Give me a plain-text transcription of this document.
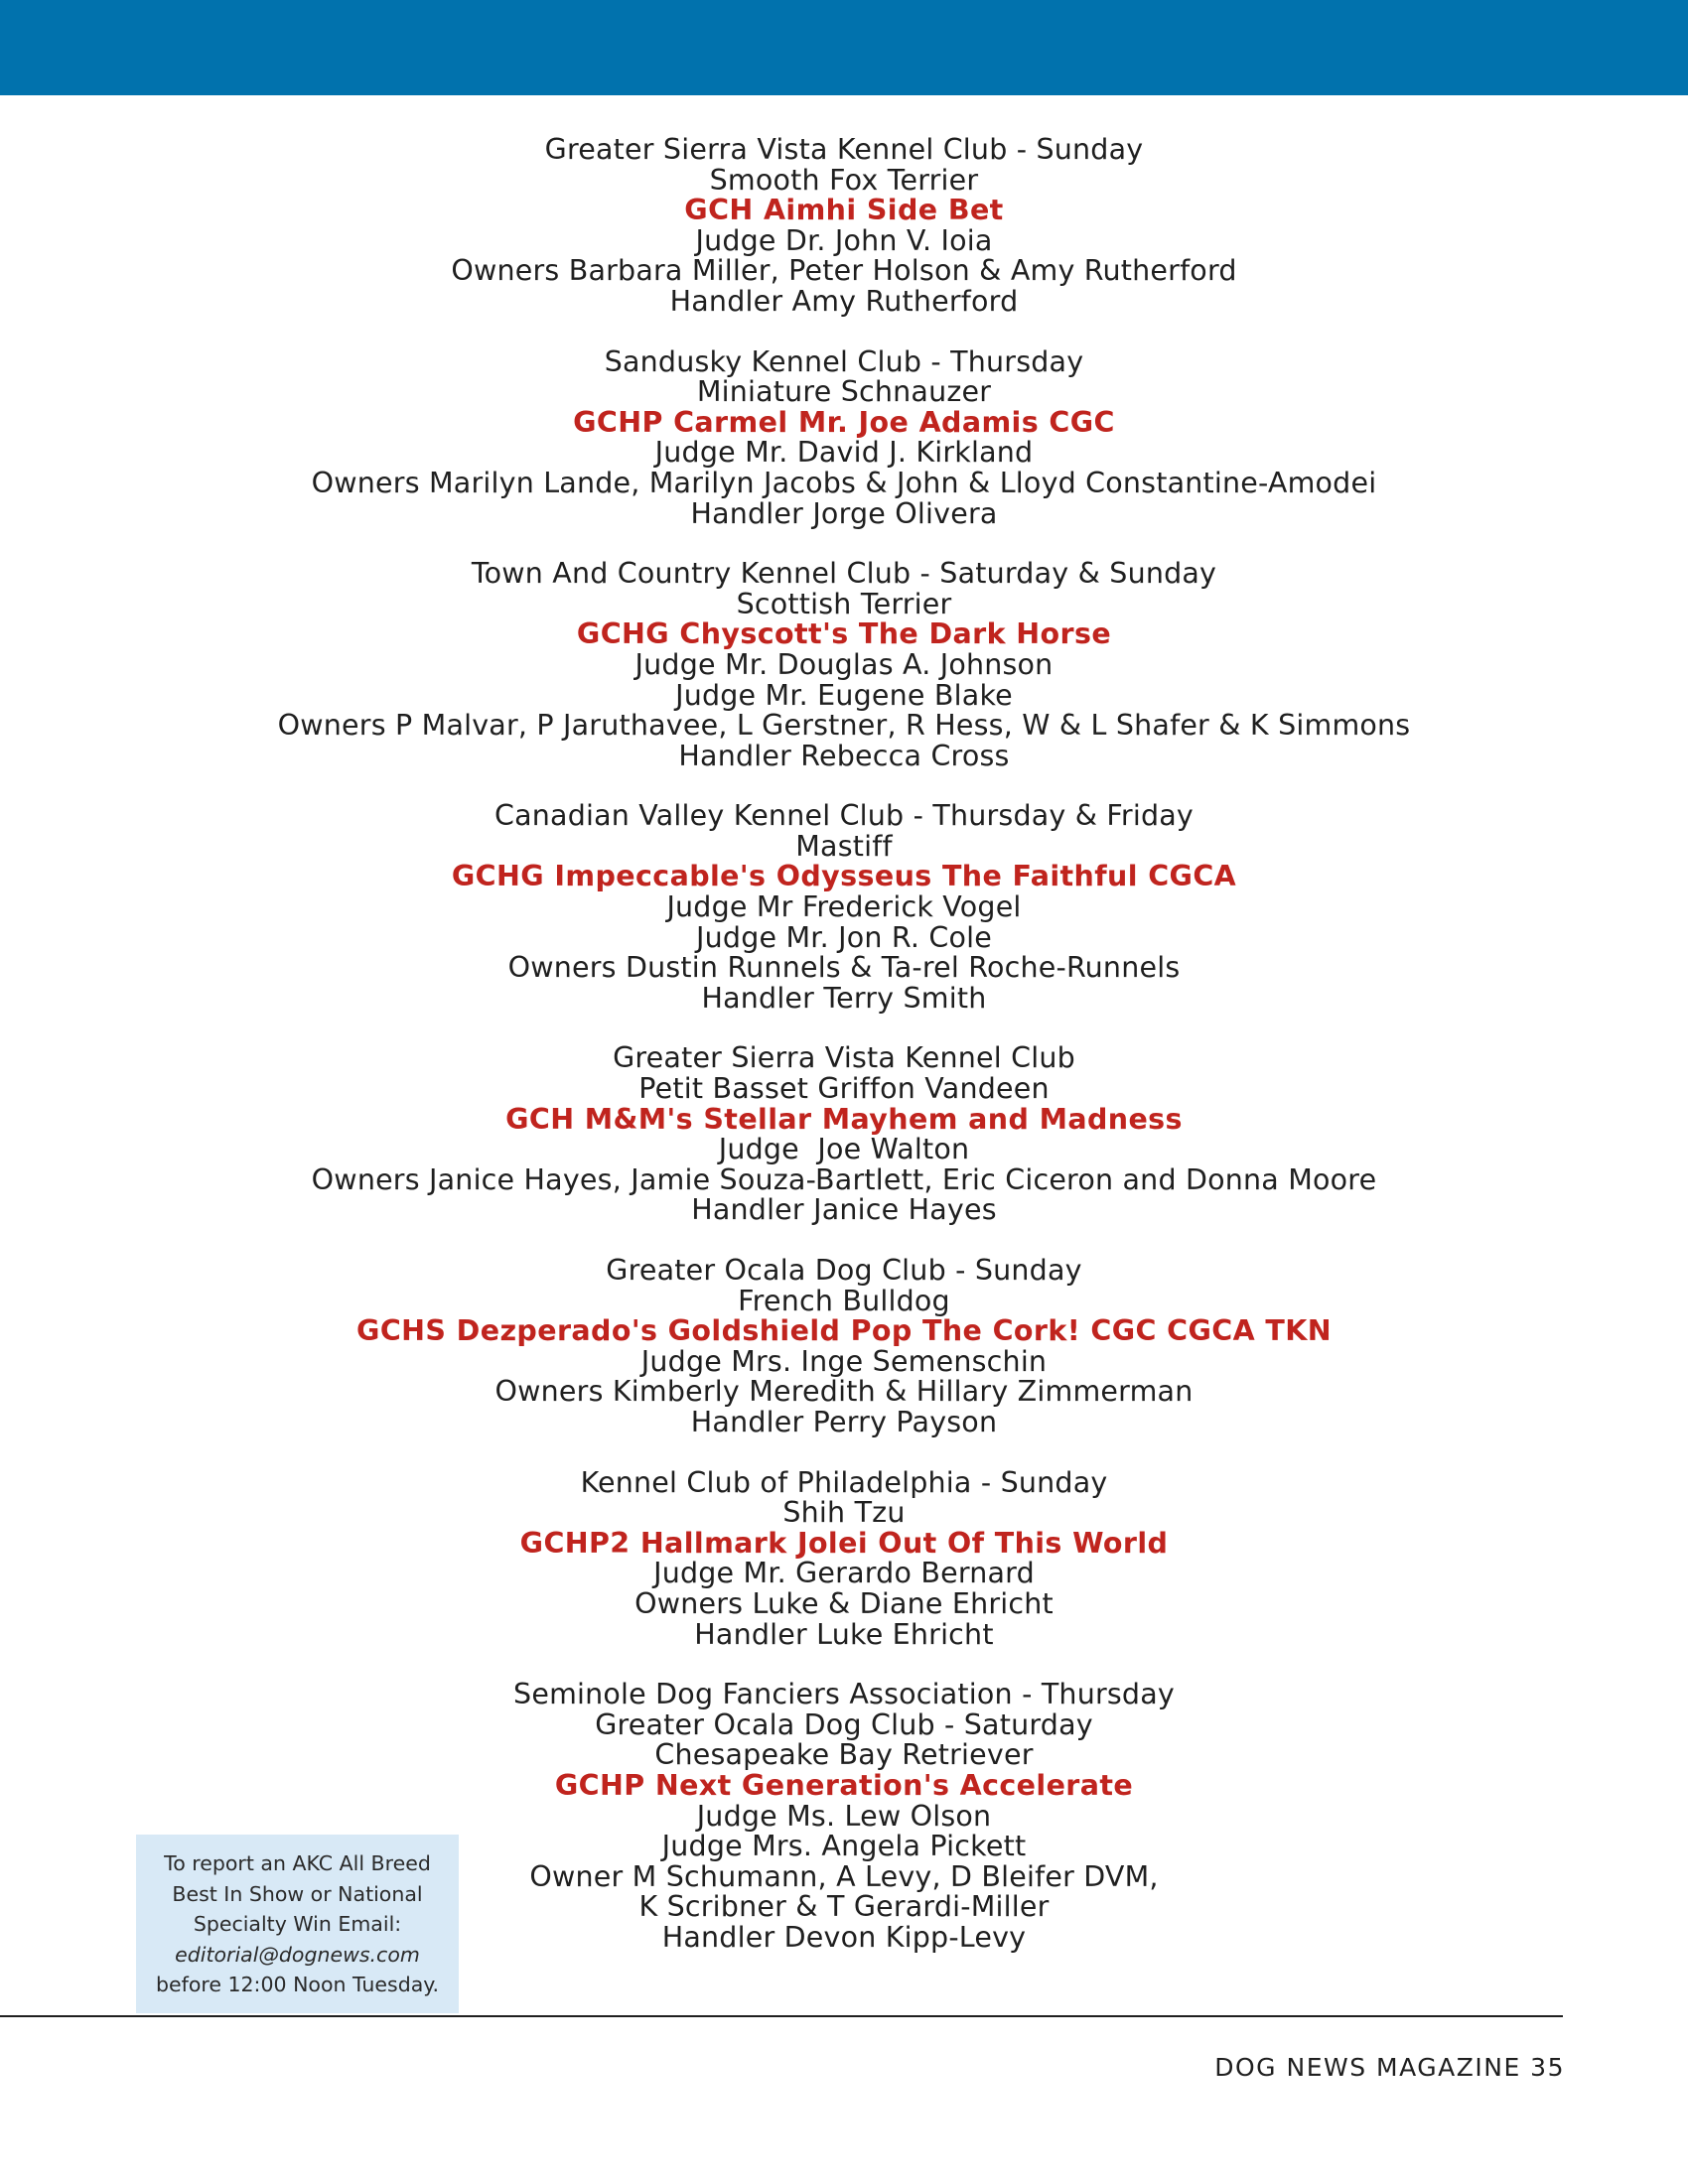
Greater Sierra Vista Kennel Club - Sunday
Smooth Fox Terrier
GCH Aimhi Side Bet
Judge Dr. John V. Ioia
Owners Barbara Miller, Peter Holson & Amy Rutherford
Handler Amy Rutherford
Sandusky Kennel Club - Thursday
Miniature Schnauzer
GCHP Carmel Mr. Joe Adamis CGC
Judge Mr. David J. Kirkland
Owners Marilyn Lande, Marilyn Jacobs & John & Lloyd Constantine-Amodei
Handler Jorge Olivera
Town And Country Kennel Club - Saturday & Sunday
Scottish Terrier
GCHG Chyscott's The Dark Horse
Judge Mr. Douglas A. Johnson
Judge Mr. Eugene Blake
Owners P Malvar, P Jaruthavee, L Gerstner, R Hess, W & L Shafer & K Simmons
Handler Rebecca Cross
Canadian Valley Kennel Club - Thursday & Friday
Mastiff
GCHG Impeccable's Odysseus The Faithful CGCA
Judge Mr Frederick Vogel
Judge Mr. Jon R. Cole
Owners Dustin Runnels & Ta-rel Roche-Runnels
Handler Terry Smith
Greater Sierra Vista Kennel Club
Petit Basset Griffon Vandeen
GCH M&M's Stellar Mayhem and Madness
Judge  Joe Walton
Owners Janice Hayes, Jamie Souza-Bartlett, Eric Ciceron and Donna Moore
Handler Janice Hayes
Greater Ocala Dog Club - Sunday
French Bulldog
GCHS Dezperado's Goldshield Pop The Cork! CGC CGCA TKN
Judge Mrs. Inge Semenschin
Owners Kimberly Meredith & Hillary Zimmerman
Handler Perry Payson
Kennel Club of Philadelphia - Sunday
Shih Tzu
GCHP2 Hallmark Jolei Out Of This World
Judge Mr. Gerardo Bernard
Owners Luke & Diane Ehricht
Handler Luke Ehricht
Seminole Dog Fanciers Association - Thursday
Greater Ocala Dog Club - Saturday
Chesapeake Bay Retriever
GCHP Next Generation's Accelerate
Judge Ms. Lew Olson
Judge Mrs. Angela Pickett
Owner M Schumann, A Levy, D Bleifer DVM,
K Scribner & T Gerardi-Miller
Handler Devon Kipp-Levy
To report an AKC All Breed
Best In Show or National
Specialty Win Email:
editorial@dognews.com
before 12:00 Noon Tuesday.
DOG NEWS MAGAZINE 35
